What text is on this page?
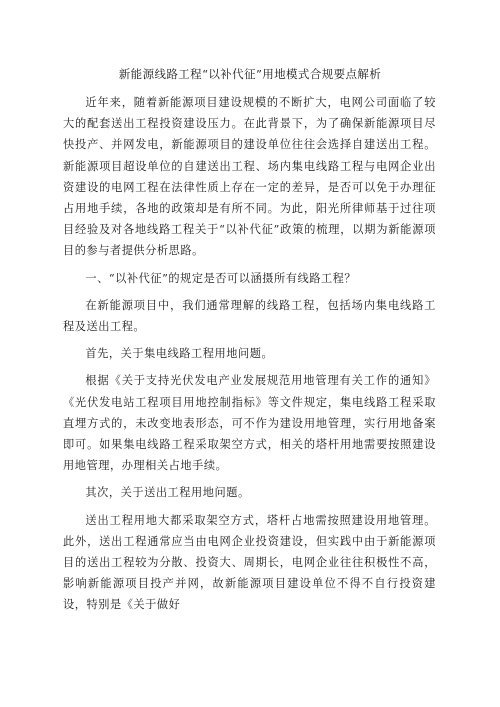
新能源线路工程“以补代征”用地模式合规要点解析

近年来，随着新能源项目建设规模的不断扩大，电网公司面临了较大的配套送出工程投资建设压力。在此背景下，为了确保新能源项目尽快投产、并网发电，新能源项目的建设单位往往会选择自建送出工程。新能源项目超设单位的自建送出工程、场内集电线路工程与电网企业出资建设的电网工程在法律性质上存在一定的差异，是否可以免于办理征占用地手续，各地的政策却是有所不同。为此，阳光所律师基于过往项目经验及对各地线路工程关于“以补代征”政策的梳理，以期为新能源项目的参与者提供分析思路。

一、“以补代征”的规定是否可以涵摄所有线路工程？

在新能源项目中，我们通常理解的线路工程，包括场内集电线路工程及送出工程。

首先，关于集电线路工程用地问题。

根据《关于支持光伏发电产业发展规范用地管理有关工作的通知》《光伏发电站工程项目用地控制指标》等文件规定，集电线路工程采取直埋方式的，未改变地表形态，可不作为建设用地管理，实行用地备案即可。如果集电线路工程采取架空方式，相关的塔杆用地需要按照建设用地管理，办理相关占地手续。

其次，关于送出工程用地问题。

送出工程用地大都采取架空方式，塔杆占地需按照建设用地管理。此外，送出工程通常应当由电网企业投资建设，但实践中由于新能源项目的送出工程较为分散、投资大、周期长，电网企业往往积极性不高，影响新能源项目投产并网，故新能源项目建设单位不得不自行投资建设，特别是《关于做好
